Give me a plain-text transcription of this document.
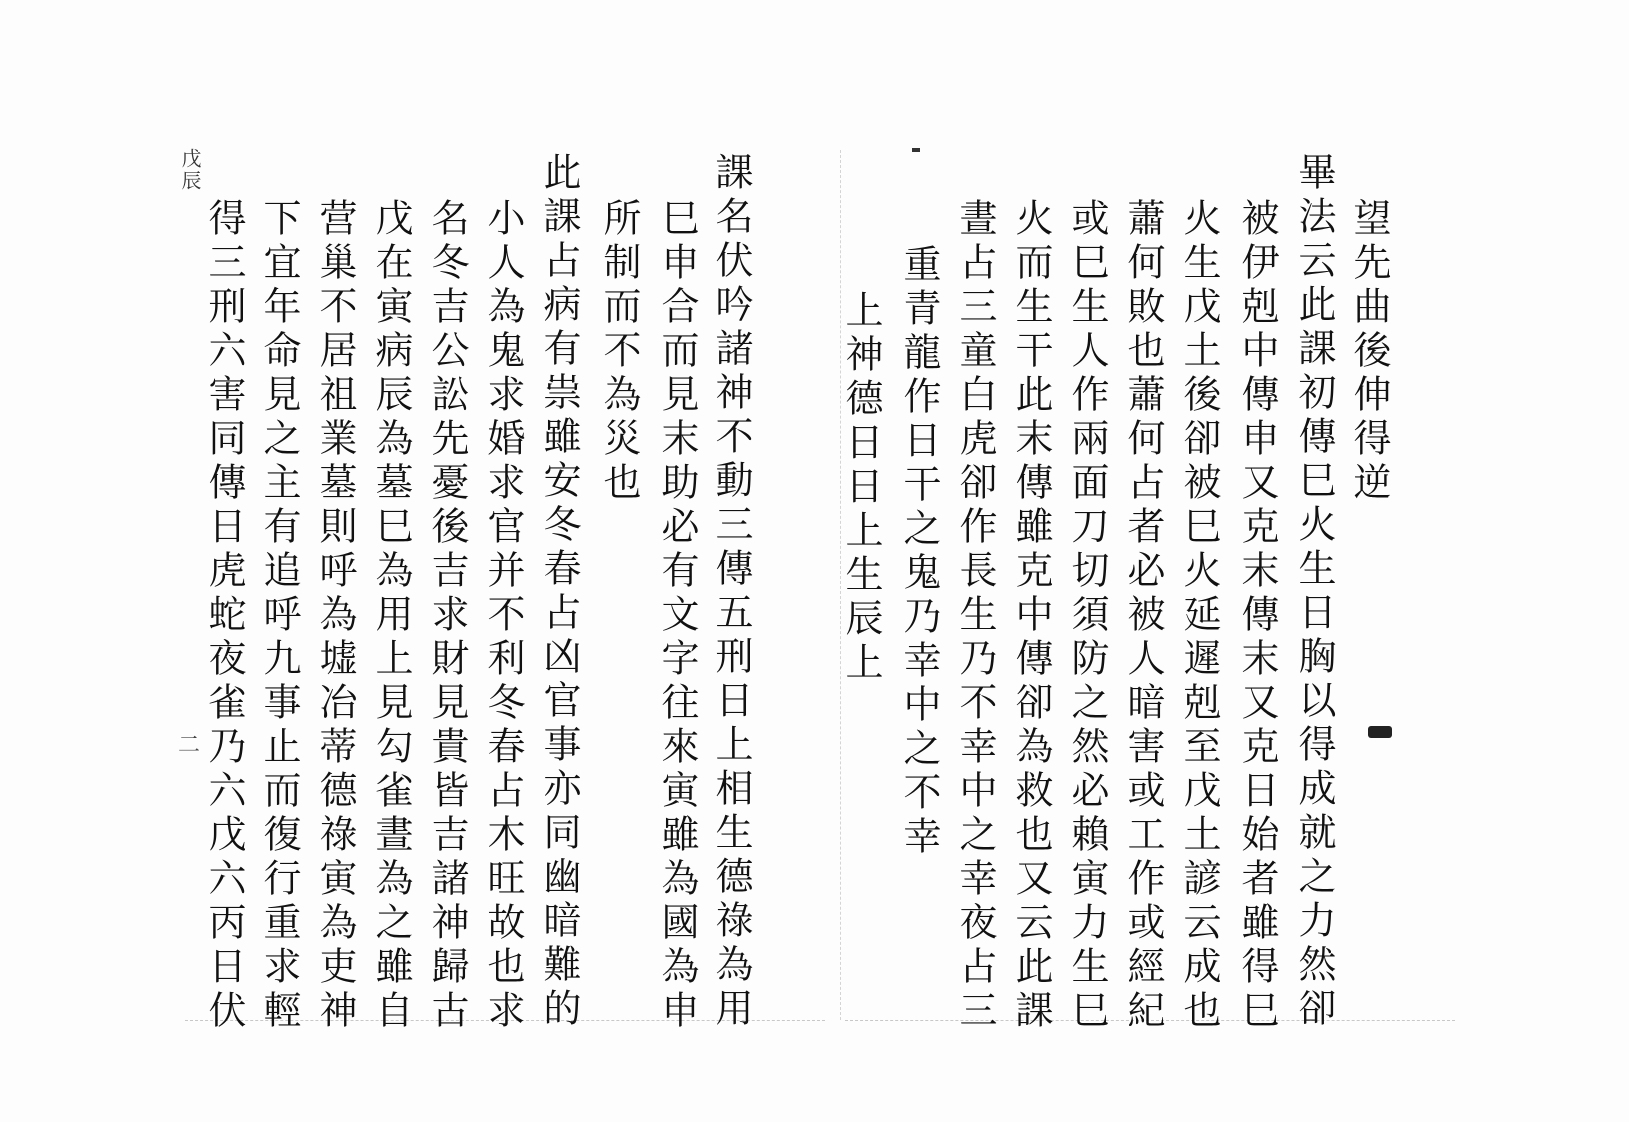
戊辰	課名伏吟諸神不動三傳五刑日上相生德祿為用
巳申合而見末助必有文字往來寅雖為國為申
所制而不為災也
此課占病有祟雖安冬春占凶官事亦同幽暗難的
小人為鬼求婚求官并不利冬春占木旺故也求
名冬吉公訟先憂後吉求財見貴皆吉諸神歸古
戊在寅病辰為墓巳為用上見勾雀晝為之雖自
营巢不居祖業墓則呼為墟冶蒂德祿寅為吏神
下宜年命見之主有追呼九事止而復行重求輕
得三刑六害同傳日虎蛇夜雀乃六戊六丙日伏
二
望先曲後伸得逆
畢法云此課初傳巳火生日胸以得成就之力然卻
被伊剋中傳申又克末傳末又克日始者雖得巳
火生戊土後卻被巳火延遲剋至戊土諺云成也
蕭何敗也蕭何占者必被人暗害或工作或經紀
或巳生人作兩面刀切須防之然必賴寅力生巳
火而生干此末傳雖克中傳卻為救也又云此課
晝占三童白虎卻作長生乃不幸中之幸夜占三
重青龍作日干之鬼乃幸中之不幸
上神德日日上生辰上
